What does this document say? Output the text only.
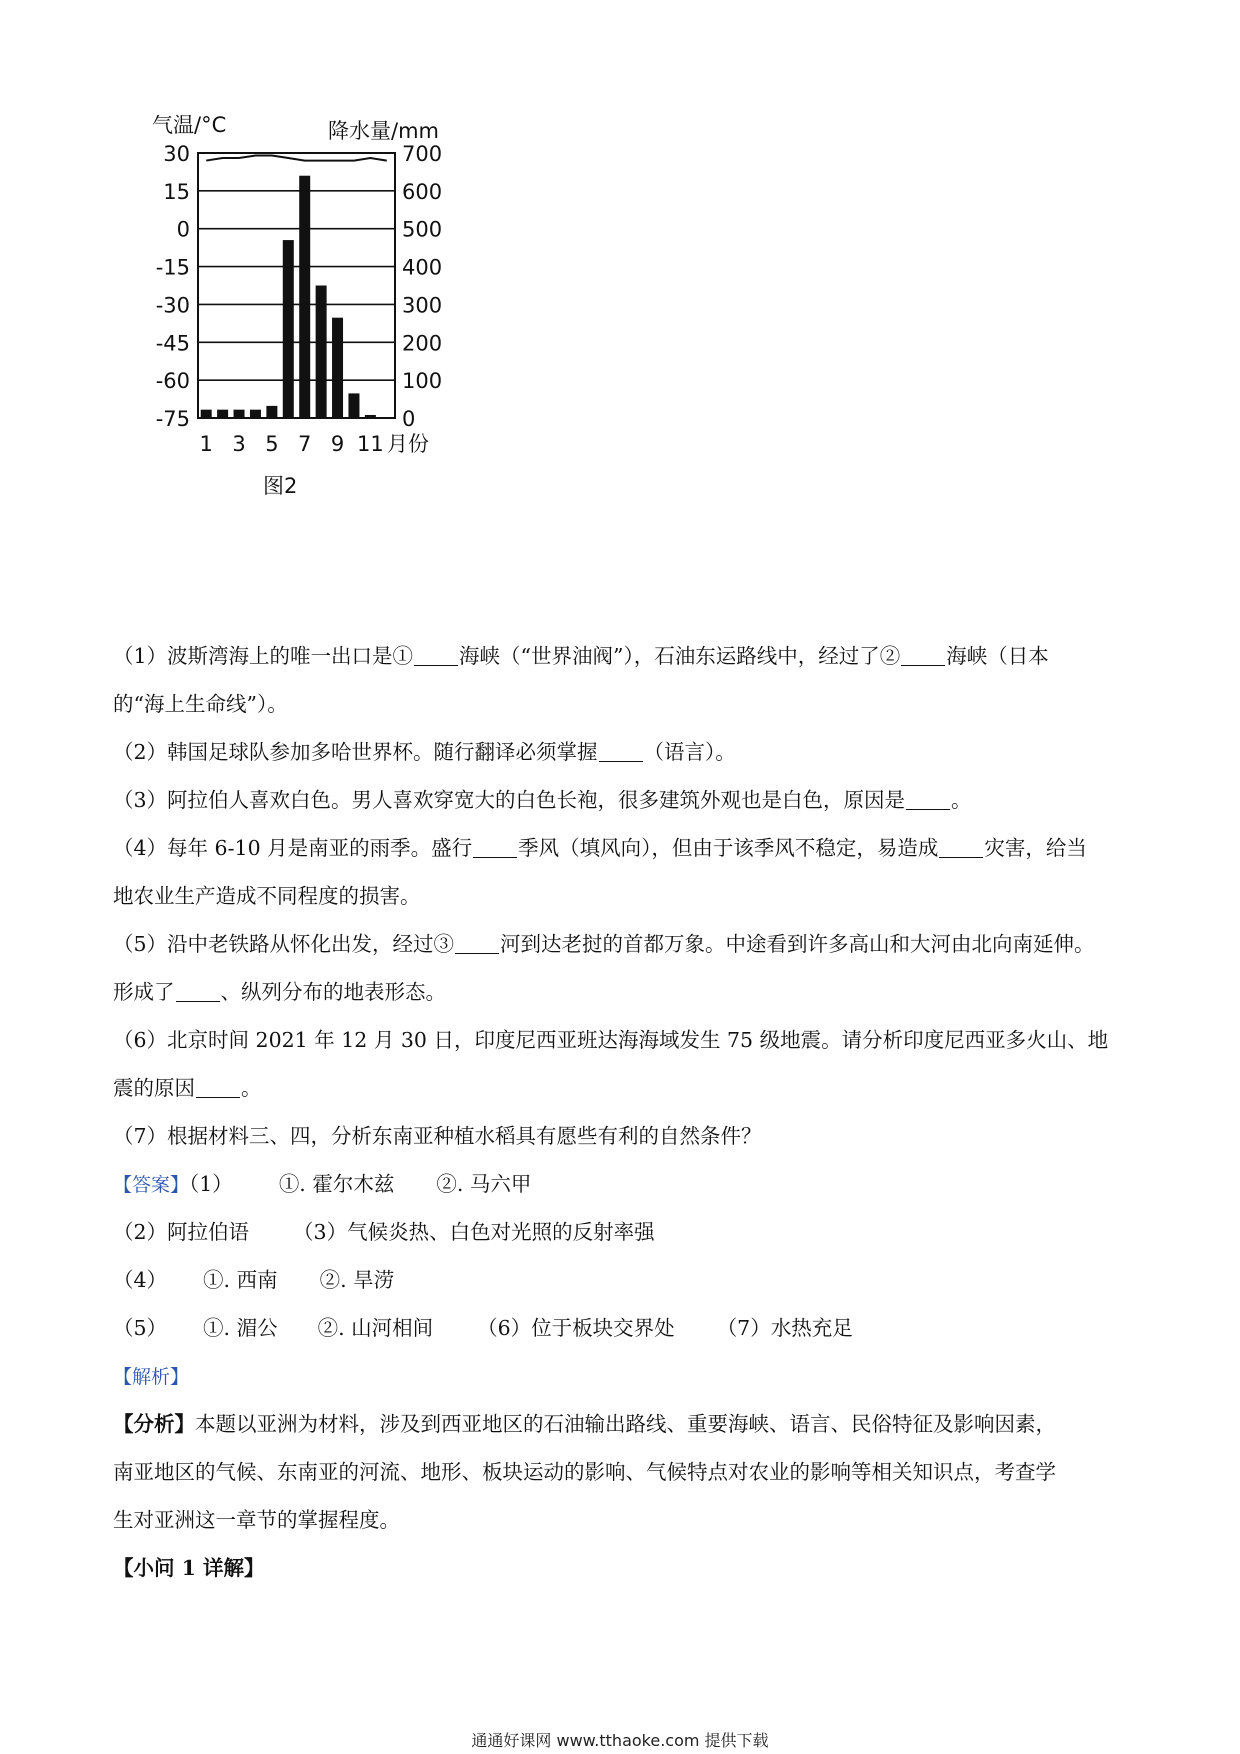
30
15
0
-15
-30
-45
-60
-75
700
600
500
400
300
200
100
0
1 3 5 7 9 11
气温/°C	降水量/mm
月份
图2
（1）波斯湾海上的唯一出口是① 海峡（“世界油阀”），石油东运路线中，经过了② 海峡（日本
的“海上生命线”）。
（2）韩国足球队参加多哈世界杯。随行翻译必须掌握 （语言）。
（3）阿拉伯人喜欢白色。男人喜欢穿宽大的白色长袍，很多建筑外观也是白色，原因是 。
（4）每年 6-10 月是南亚的雨季。盛行 季风（填风向），但由于该季风不稳定，易造成 灾害，给当
地农业生产造成不同程度的损害。
（5）沿中老铁路从怀化出发，经过③ 河到达老挝的首都万象。中途看到许多高山和大河由北向南延伸。
形成了 、纵列分布的地表形态。
（6）北京时间 2021 年 12 月 30 日，印度尼西亚班达海海域发生 75 级地震。请分析印度尼西亚多火山、地
震的原因 。
（7）根据材料三、四，分析东南亚种植水稻具有愿些有利的自然条件？
【答案】（1） ①. 霍尔木兹 ②. 马六甲
（2）阿拉伯语 （3）气候炎热、白色对光照的反射率强
（4） ①. 西南 ②. 旱涝
（5） ①. 湄公 ②. 山河相间 （6）位于板块交界处 （7）水热充足
【解析】
【分析】本题以亚洲为材料，涉及到西亚地区的石油输出路线、重要海峡、语言、民俗特征及影响因素，
南亚地区的气候、东南亚的河流、地形、板块运动的影响、气候特点对农业的影响等相关知识点，考查学
生对亚洲这一章节的掌握程度。
【小问 1 详解】
通通好课网 www.tthaoke.com 提供下载
